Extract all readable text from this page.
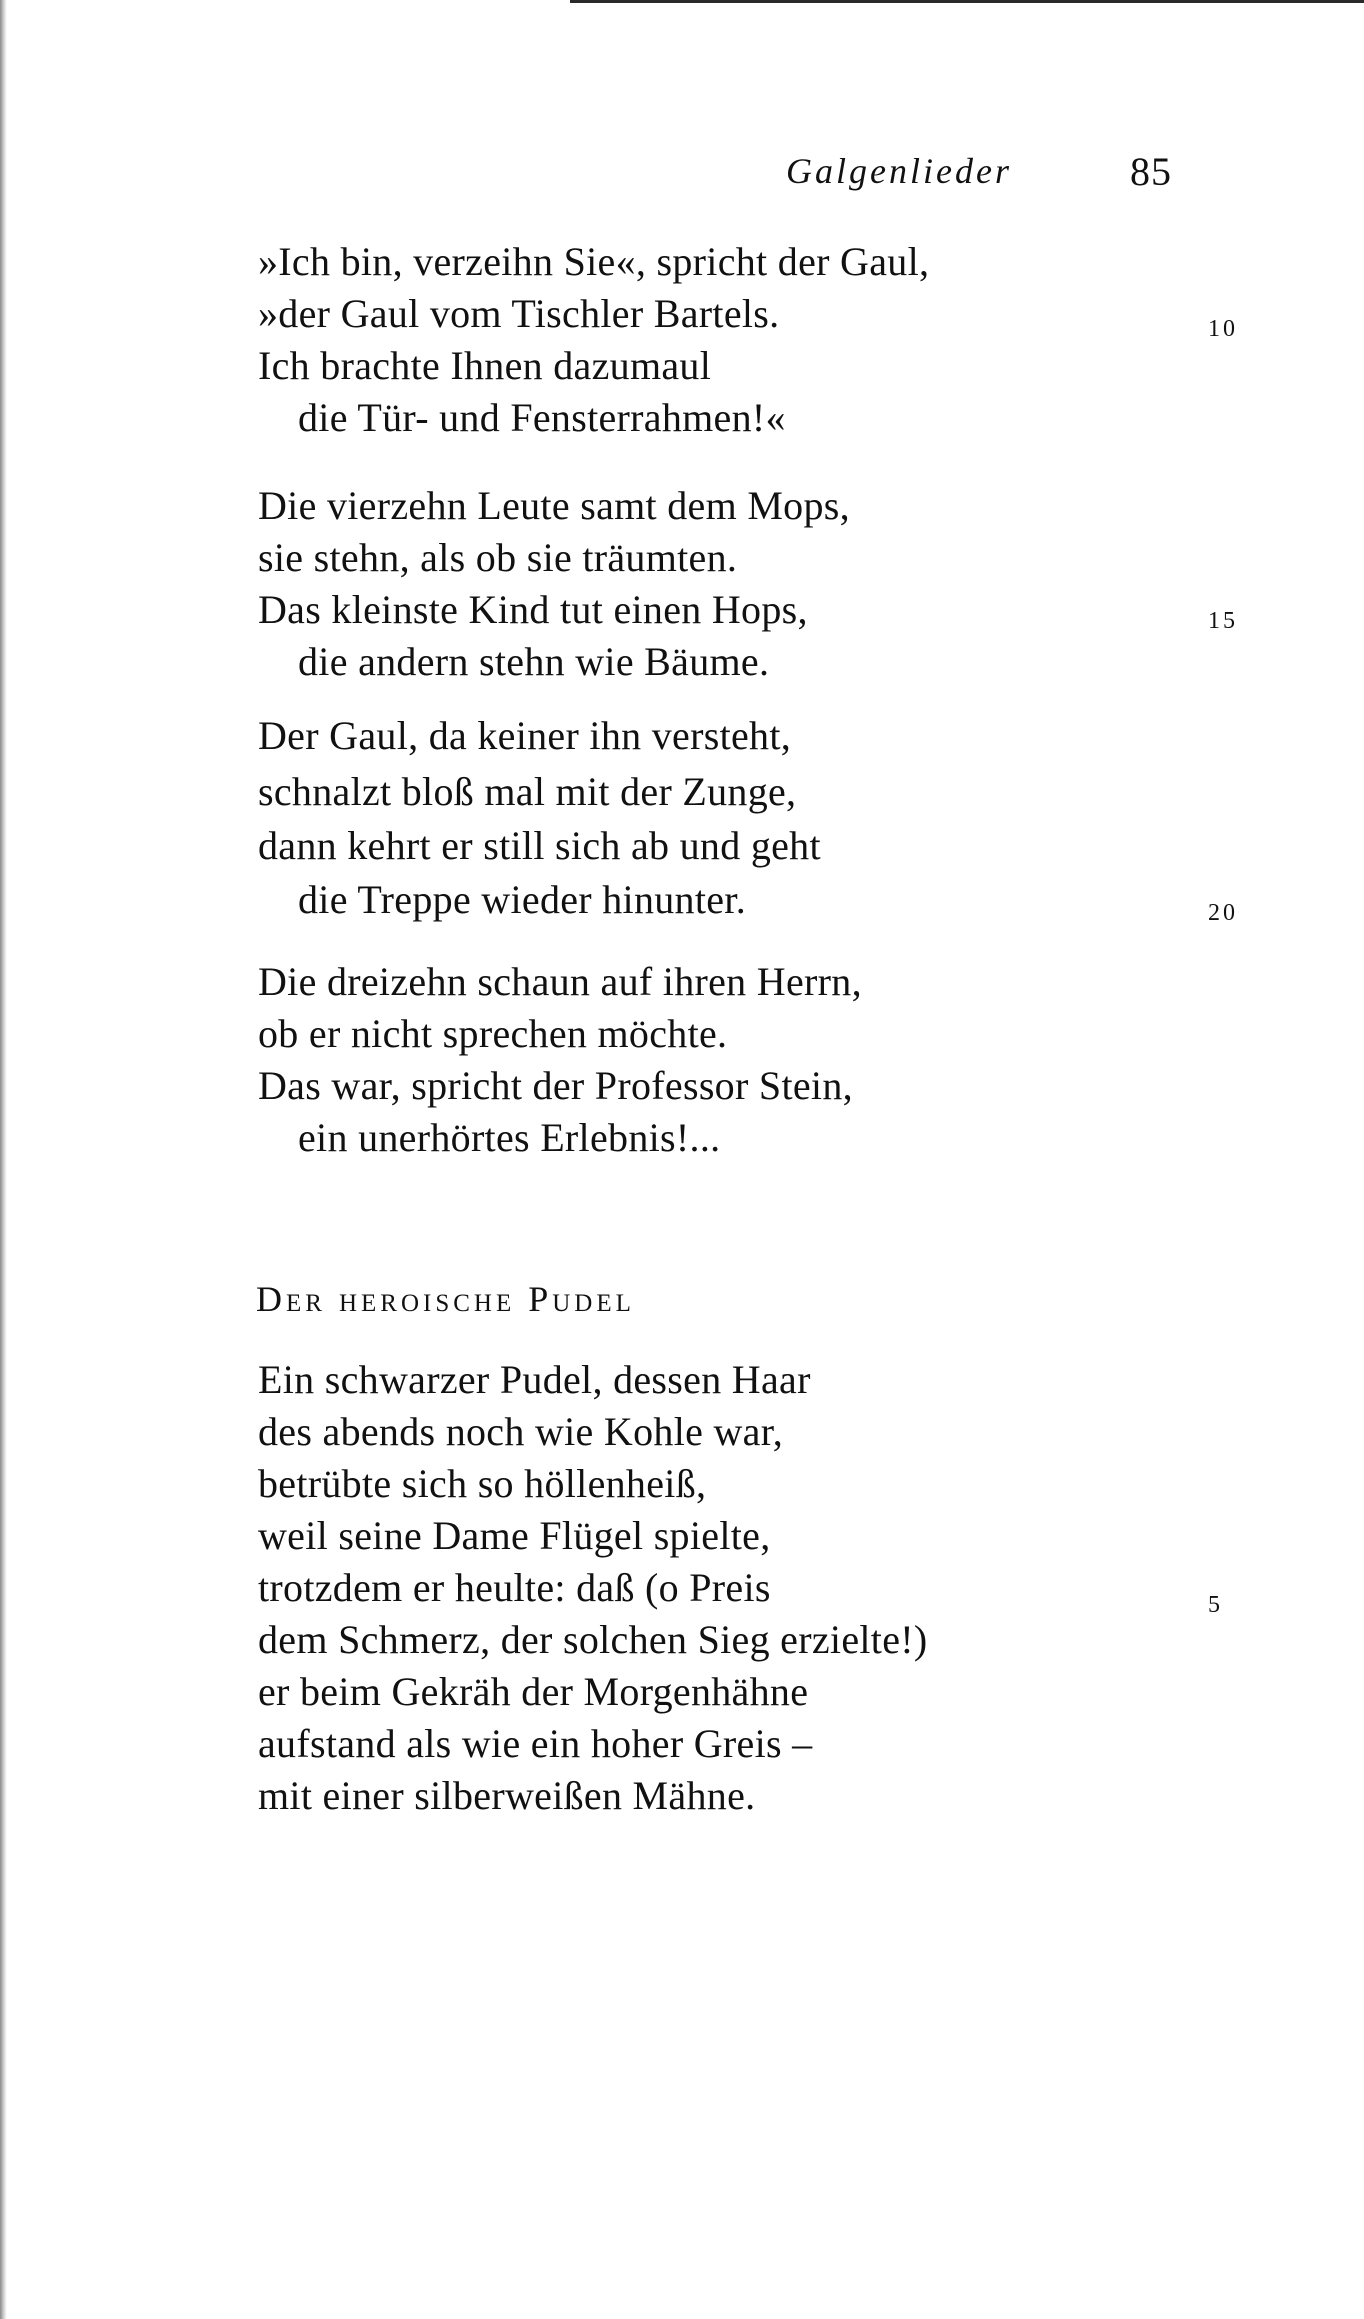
Galgenlieder	85
»Ich bin, verzeihn Sie«, spricht der Gaul,
»der Gaul vom Tischler Bartels.
Ich brachte Ihnen dazumaul
die Tür- und Fensterrahmen!«
Die vierzehn Leute samt dem Mops,
sie stehn, als ob sie träumten.
Das kleinste Kind tut einen Hops,
die andern stehn wie Bäume.
Der Gaul, da keiner ihn versteht,
schnalzt bloß mal mit der Zunge,
dann kehrt er still sich ab und geht
die Treppe wieder hinunter.
Die dreizehn schaun auf ihren Herrn,
ob er nicht sprechen möchte.
Das war, spricht der Professor Stein,
ein unerhörtes Erlebnis!...
10
15
20
Der heroische Pudel
Ein schwarzer Pudel, dessen Haar
des abends noch wie Kohle war,
betrübte sich so höllenheiß,
weil seine Dame Flügel spielte,
trotzdem er heulte: daß (o Preis
dem Schmerz, der solchen Sieg erzielte!)
er beim Gekräh der Morgenhähne
aufstand als wie ein hoher Greis –
mit einer silberweißen Mähne.
5
